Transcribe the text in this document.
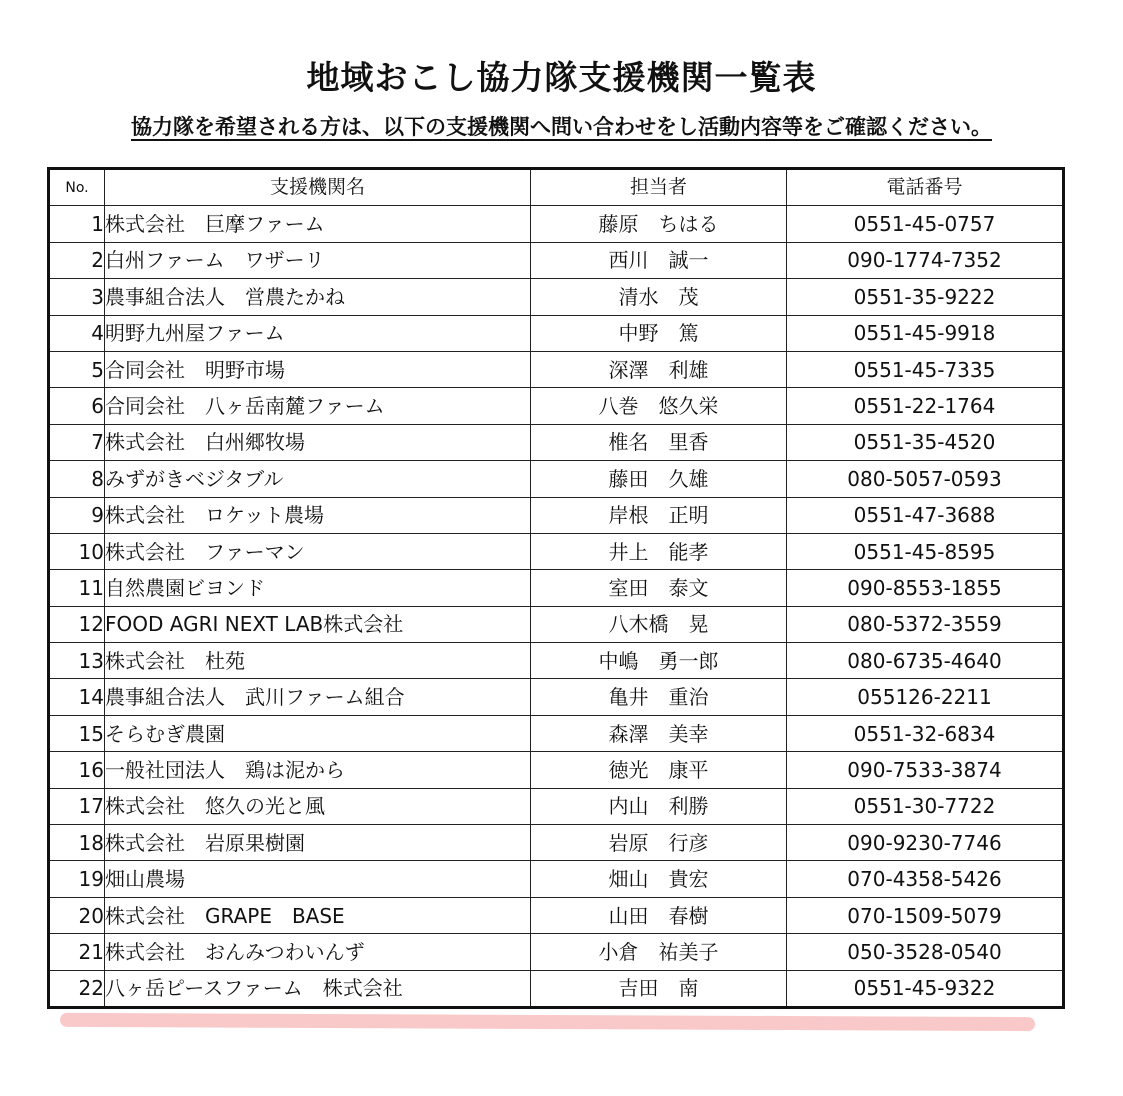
地域おこし協力隊支援機関一覧表
協力隊を希望される方は、以下の支援機関へ問い合わせをし活動内容等をご確認ください。
No.	支援機関名	担当者	電話番号
1	株式会社　巨摩ファーム	藤原　ちはる	0551-45-0757
2	白州ファーム　ワザーリ	西川　誠一	090-1774-7352
3	農事組合法人　営農たかね	清水　茂	0551-35-9222
4	明野九州屋ファーム	中野　篤	0551-45-9918
5	合同会社　明野市場	深澤　利雄	0551-45-7335
6	合同会社　八ヶ岳南麓ファーム	八巻　悠久栄	0551-22-1764
7	株式会社　白州郷牧場	椎名　里香	0551-35-4520
8	みずがきベジタブル	藤田　久雄	080-5057-0593
9	株式会社　ロケット農場	岸根　正明	0551-47-3688
10	株式会社　ファーマン	井上　能孝	0551-45-8595
11	自然農園ビヨンド	室田　泰文	090-8553-1855
12	FOOD AGRI NEXT LAB株式会社	八木橋　晃	080-5372-3559
13	株式会社　杜苑	中嶋　勇一郎	080-6735-4640
14	農事組合法人　武川ファーム組合	亀井　重治	055126-2211
15	そらむぎ農園	森澤　美幸	0551-32-6834
16	一般社団法人　鶏は泥から	徳光　康平	090-7533-3874
17	株式会社　悠久の光と風	内山　利勝	0551-30-7722
18	株式会社　岩原果樹園	岩原　行彦	090-9230-7746
19	畑山農場	畑山　貴宏	070-4358-5426
20	株式会社　GRAPE　BASE	山田　春樹	070-1509-5079
21	株式会社　おんみつわいんず	小倉　祐美子	050-3528-0540
22	八ヶ岳ピースファーム　株式会社	吉田　南	0551-45-9322
